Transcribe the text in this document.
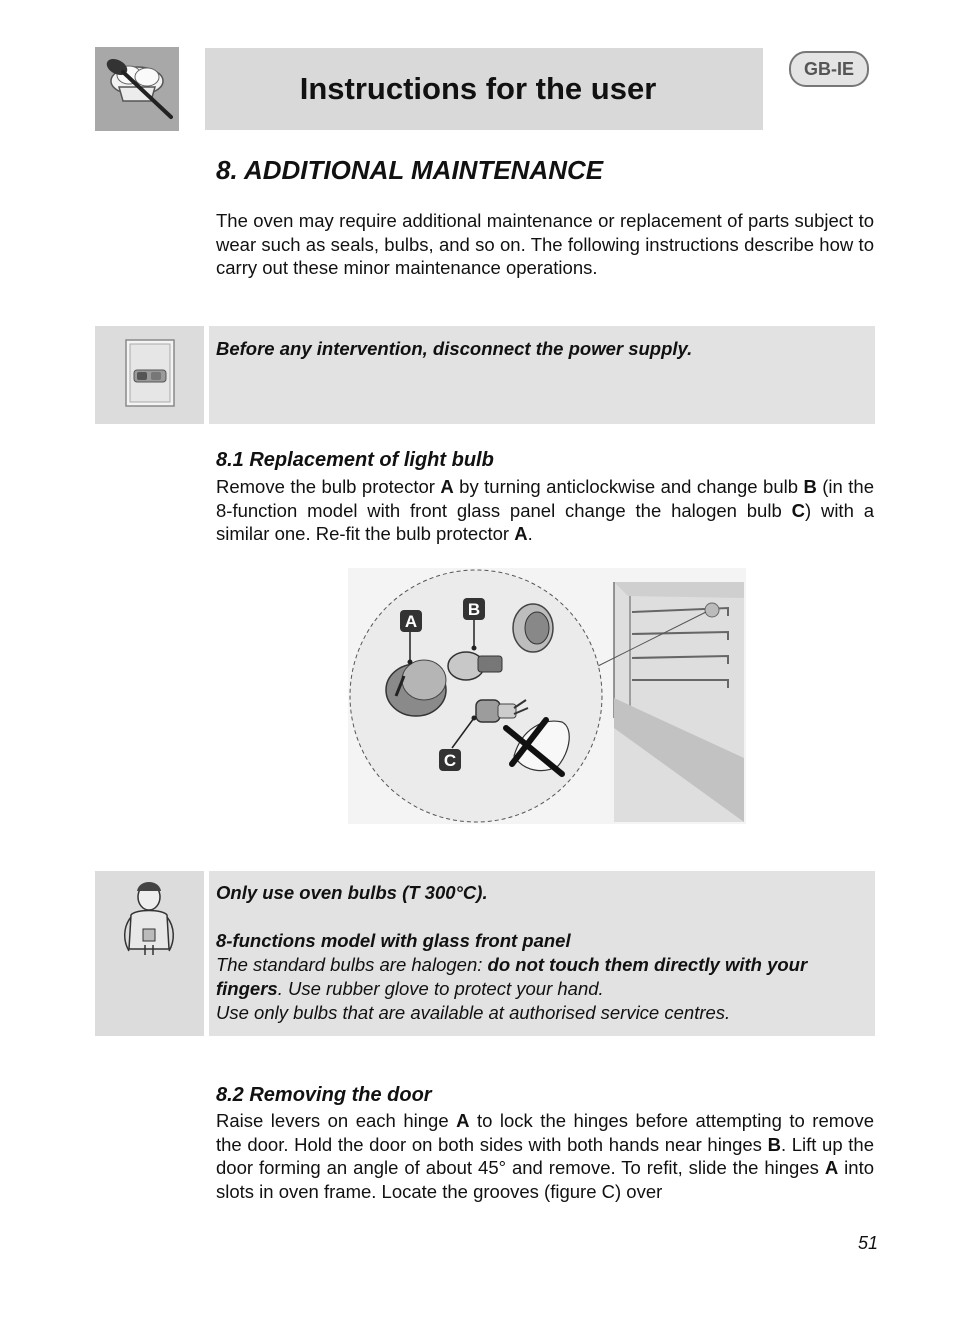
Instructions for the user
GB-IE
8. ADDITIONAL MAINTENANCE
The oven may require additional maintenance or replacement of parts subject to wear such as seals, bulbs, and so on. The following instructions describe how to carry out these minor maintenance operations.
Before any intervention, disconnect the power supply.
8.1 Replacement of light bulb
Remove the bulb protector A by turning anticlockwise and change bulb B (in the 8-function model with front glass panel change the halogen bulb C) with a similar one. Re-fit the bulb protector A.
A
B
C
Only use oven bulbs (T 300°C).
8-functions model with glass front panel
The standard bulbs are halogen: do not touch them directly with your fingers. Use rubber glove to protect your hand.
Use only bulbs that are available at authorised service centres.
8.2 Removing the door
Raise levers on each hinge A to lock the hinges before attempting to remove the door. Hold the door on both sides with both hands near hinges B. Lift up the door forming an angle of about 45° and remove. To refit, slide the hinges A into slots in oven frame. Locate the grooves (figure C) over
51
